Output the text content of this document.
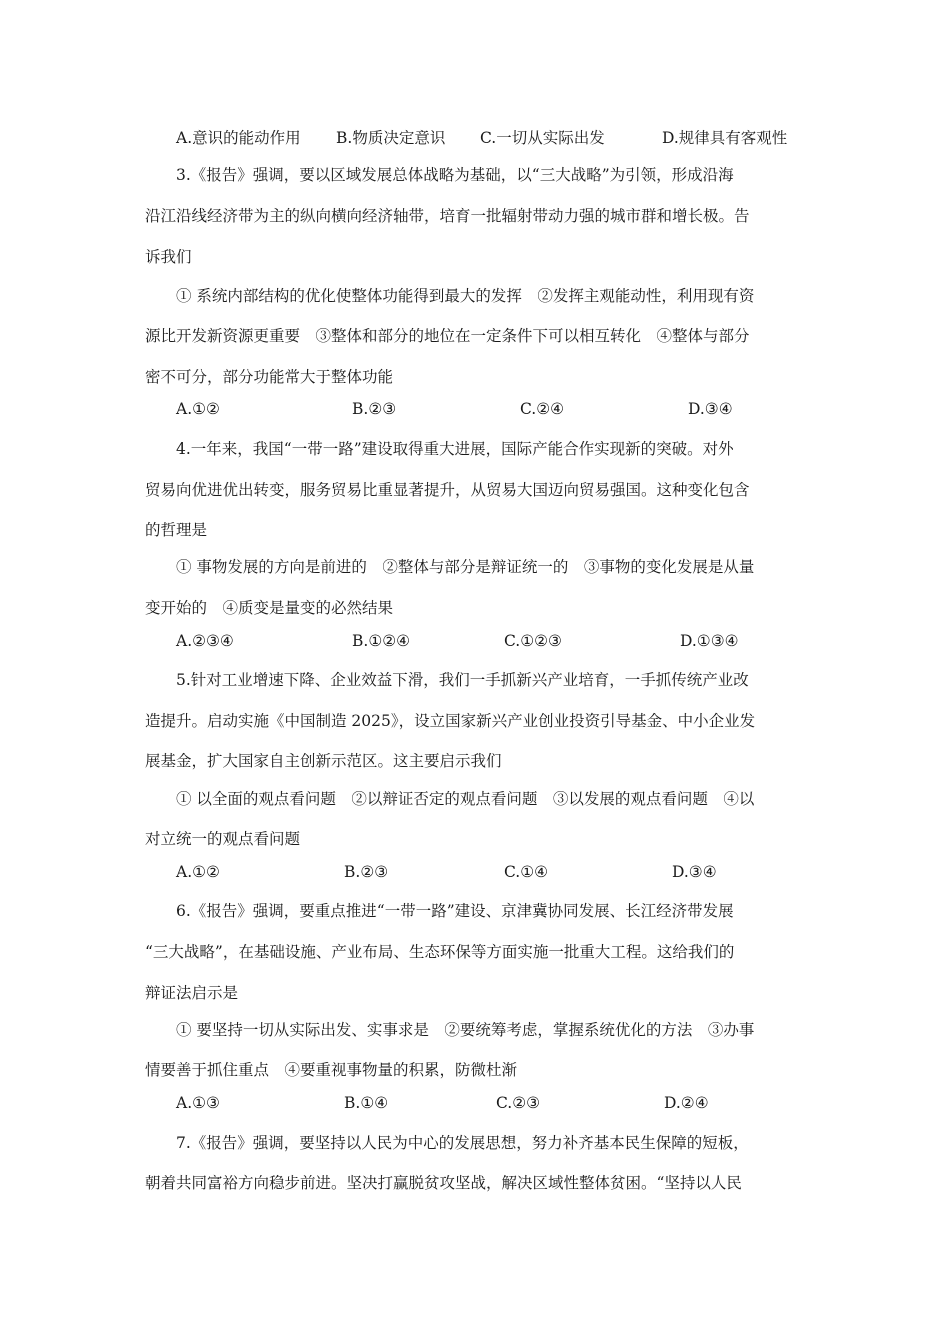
A.意识的能动作用 B.物质决定意识 C.一切从实际出发	D.规律具有客观性
3.《报告》强调，要以区域发展总体战略为基础，以“三大战略”为引领，形成沿海
沿江沿线经济带为主的纵向横向经济轴带，培育一批辐射带动力强的城市群和增长极。告
诉我们
① 系统内部结构的优化使整体功能得到最大的发挥　②发挥主观能动性，利用现有资
源比开发新资源更重要　③整体和部分的地位在一定条件下可以相互转化　④整体与部分
密不可分，部分功能常大于整体功能
A.①②	B.②③	C.②④	D.③④
4.一年来，我国“一带一路”建设取得重大进展，国际产能合作实现新的突破。对外
贸易向优进优出转变，服务贸易比重显著提升，从贸易大国迈向贸易强国。这种变化包含
的哲理是
① 事物发展的方向是前进的　②整体与部分是辩证统一的　③事物的变化发展是从量
变开始的　④质变是量变的必然结果
A.②③④	B.①②④	C.①②③	D.①③④
5.针对工业增速下降、企业效益下滑，我们一手抓新兴产业培育，一手抓传统产业改
造提升。启动实施《中国制造 2025》，设立国家新兴产业创业投资引导基金、中小企业发
展基金，扩大国家自主创新示范区。这主要启示我们
① 以全面的观点看问题　②以辩证否定的观点看问题　③以发展的观点看问题　④以
对立统一的观点看问题
A.①②	B.②③	C.①④	D.③④
6.《报告》强调，要重点推进“一带一路”建设、京津冀协同发展、长江经济带发展
“三大战略”，在基础设施、产业布局、生态环保等方面实施一批重大工程。这给我们的
辩证法启示是
① 要坚持一切从实际出发、实事求是　②要统筹考虑，掌握系统优化的方法　③办事
情要善于抓住重点　④要重视事物量的积累，防微杜渐
A.①③	B.①④	C.②③	D.②④
7.《报告》强调，要坚持以人民为中心的发展思想，努力补齐基本民生保障的短板，
朝着共同富裕方向稳步前进。坚决打赢脱贫攻坚战，解决区域性整体贫困。“坚持以人民
